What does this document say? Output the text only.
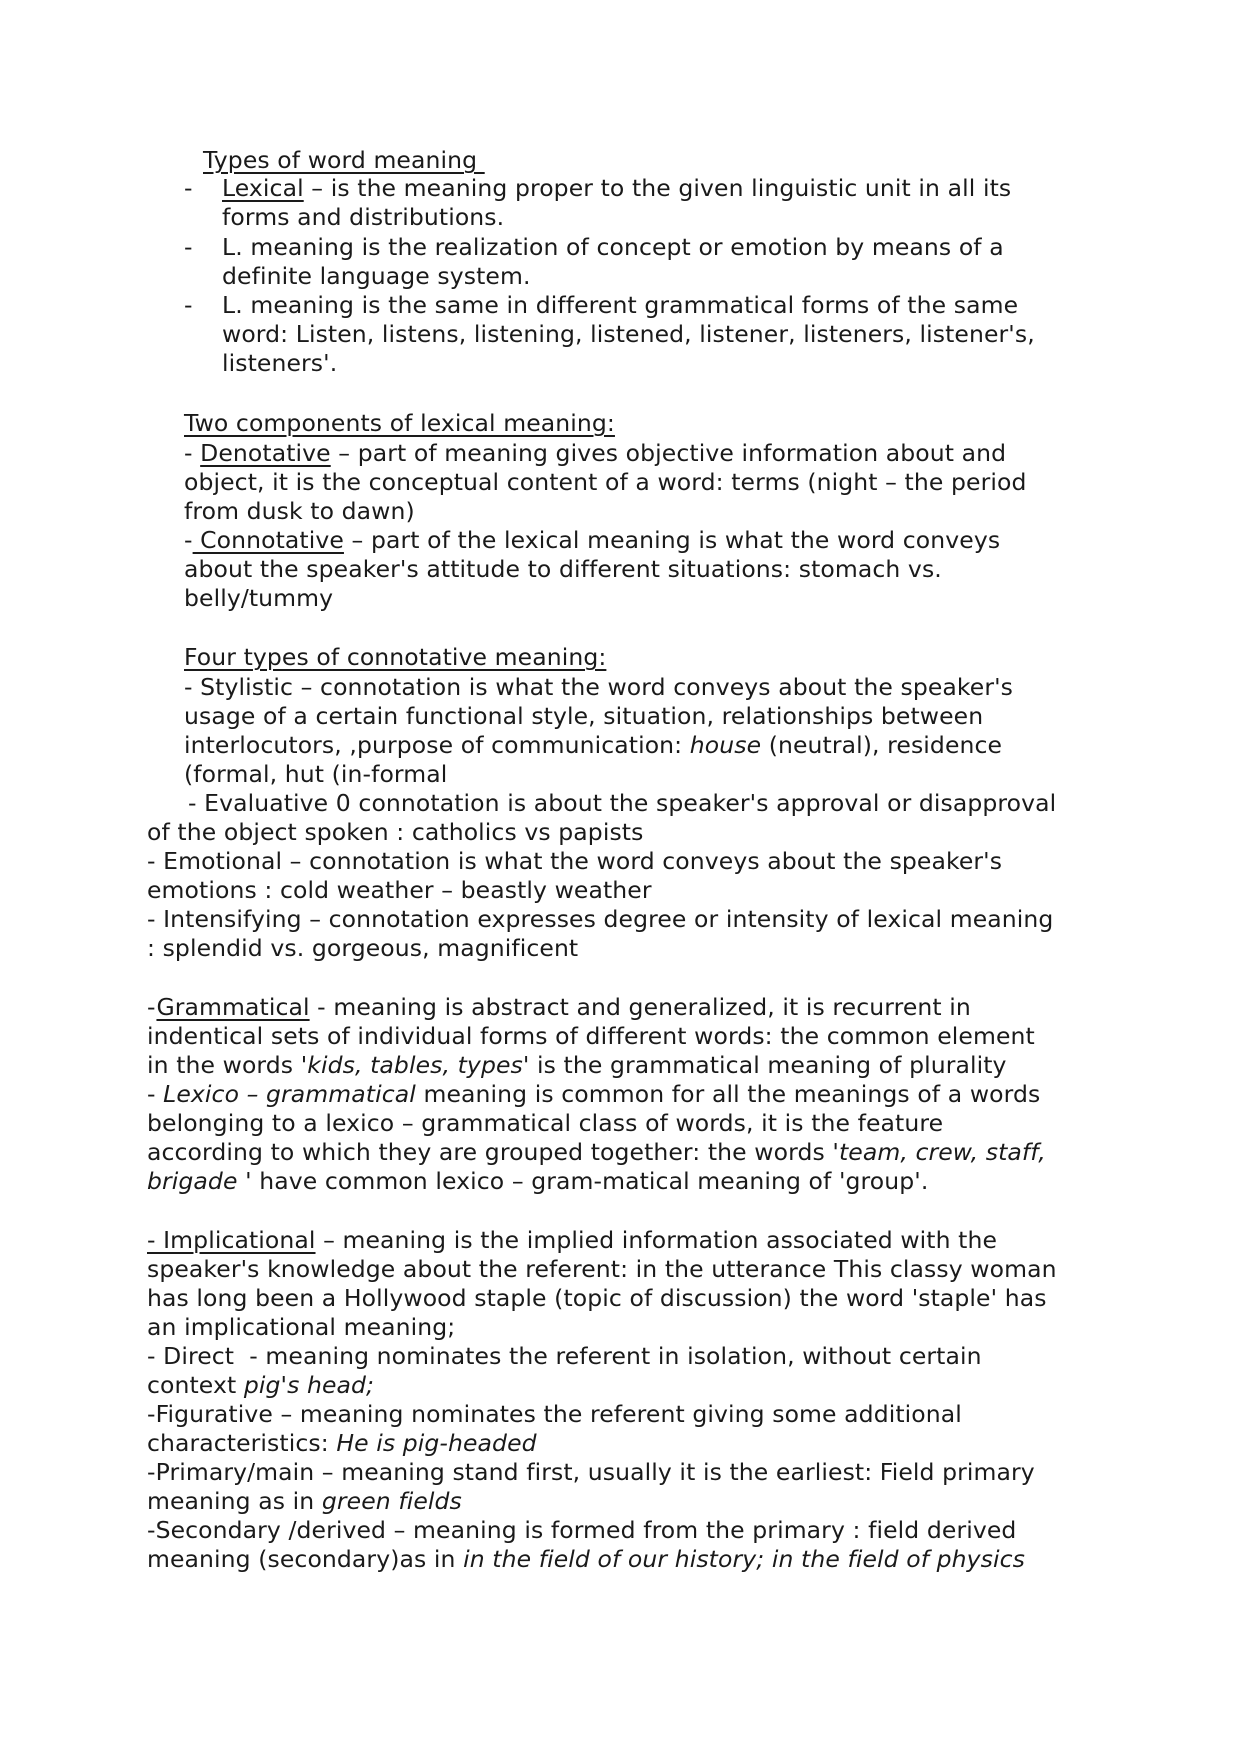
Types of word meaning
- Lexical – is the meaning proper to the given linguistic unit in all its
forms and distributions.
- L. meaning is the realization of concept or emotion by means of a
definite language system.
- L. meaning is the same in different grammatical forms of the same
word: Listen, listens, listening, listened, listener, listeners, listener's,
listeners'.
Two components of lexical meaning:
- Denotative – part of meaning gives objective information about and
object, it is the conceptual content of a word: terms (night – the period
from dusk to dawn)
- Connotative – part of the lexical meaning is what the word conveys
about the speaker's attitude to different situations: stomach vs.
belly/tummy
Four types of connotative meaning:
- Stylistic – connotation is what the word conveys about the speaker's
usage of a certain functional style, situation, relationships between
interlocutors, ,purpose of communication: house (neutral), residence
(formal, hut (in-formal
- Evaluative 0 connotation is about the speaker's approval or disapproval
of the object spoken : catholics vs papists
- Emotional – connotation is what the word conveys about the speaker's
emotions : cold weather – beastly weather
- Intensifying – connotation expresses degree or intensity of lexical meaning
: splendid vs. gorgeous, magnificent
-Grammatical - meaning is abstract and generalized, it is recurrent in
indentical sets of individual forms of different words: the common element
in the words 'kids, tables, types' is the grammatical meaning of plurality
- Lexico – grammatical meaning is common for all the meanings of a words
belonging to a lexico – grammatical class of words, it is the feature
according to which they are grouped together: the words 'team, crew, staff,
brigade ' have common lexico – gram-matical meaning of 'group'.
- Implicational – meaning is the implied information associated with the
speaker's knowledge about the referent: in the utterance This classy woman
has long been a Hollywood staple (topic of discussion) the word 'staple' has
an implicational meaning;
- Direct  - meaning nominates the referent in isolation, without certain
context pig's head;
-Figurative – meaning nominates the referent giving some additional
characteristics: He is pig-headed
-Primary/main – meaning stand first, usually it is the earliest: Field primary
meaning as in green fields
-Secondary /derived – meaning is formed from the primary : field derived
meaning (secondary)as in in the field of our history; in the field of physics
